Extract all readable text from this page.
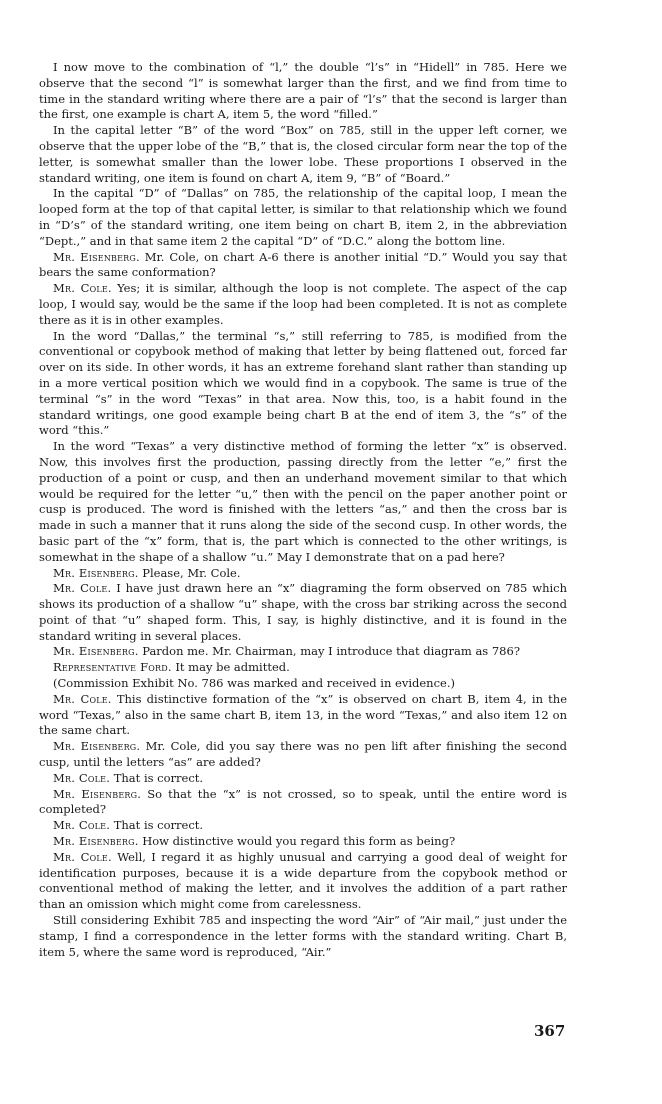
I now move to the combination of “l,” the double “l’s” in “Hidell” in 785. Here we observe that the second “l” is somewhat larger than the first, and we find from time to time in the standard writing where there are a pair of “l’s” that the second is larger than the first, one example is chart A, item 5, the word “filled.”

In the capital letter “B” of the word “Box” on 785, still in the upper left corner, we observe that the upper lobe of the “B,” that is, the closed circular form near the top of the letter, is somewhat smaller than the lower lobe. These proportions I observed in the standard writing, one item is found on chart A, item 9, “B” of “Board.”

In the capital “D” of “Dallas” on 785, the relationship of the capital loop, I mean the looped form at the top of that capital letter, is similar to that relationship which we found in “D’s” of the standard writing, one item being on chart B, item 2, in the abbreviation “Dept.,” and in that same item 2 the capital “D” of “D.C.” along the bottom line.

Mr. Eisenberg. Mr. Cole, on chart A-6 there is another initial “D.” Would you say that bears the same conformation?

Mr. Cole. Yes; it is similar, although the loop is not complete. The aspect of the cap loop, I would say, would be the same if the loop had been completed. It is not as complete there as it is in other examples.

In the word “Dallas,” the terminal “s,” still referring to 785, is modified from the conventional or copybook method of making that letter by being flattened out, forced far over on its side. In other words, it has an extreme forehand slant rather than standing up in a more vertical position which we would find in a copybook. The same is true of the terminal “s” in the word “Texas” in that area. Now this, too, is a habit found in the standard writings, one good example being chart B at the end of item 3, the “s” of the word “this.”

In the word “Texas” a very distinctive method of forming the letter “x” is observed. Now, this involves first the production, passing directly from the letter “e,” first the production of a point or cusp, and then an underhand movement similar to that which would be required for the letter “u,” then with the pencil on the paper another point or cusp is produced. The word is finished with the letters “as,” and then the cross bar is made in such a manner that it runs along the side of the second cusp. In other words, the basic part of the “x” form, that is, the part which is connected to the other writings, is somewhat in the shape of a shallow “u.” May I demonstrate that on a pad here?

Mr. Eisenberg. Please, Mr. Cole.

Mr. Cole. I have just drawn here an “x” diagraming the form observed on 785 which shows its production of a shallow “u” shape, with the cross bar striking across the second point of that “u” shaped form. This, I say, is highly distinctive, and it is found in the standard writing in several places.

Mr. Eisenberg. Pardon me. Mr. Chairman, may I introduce that diagram as 786?

Representative Ford. It may be admitted.

(Commission Exhibit No. 786 was marked and received in evidence.)

Mr. Cole. This distinctive formation of the “x” is observed on chart B, item 4, in the word “Texas,” also in the same chart B, item 13, in the word “Texas,” and also item 12 on the same chart.

Mr. Eisenberg. Mr. Cole, did you say there was no pen lift after finishing the second cusp, until the letters “as” are added?

Mr. Cole. That is correct.

Mr. Eisenberg. So that the “x” is not crossed, so to speak, until the entire word is completed?

Mr. Cole. That is correct.

Mr. Eisenberg. How distinctive would you regard this form as being?

Mr. Cole. Well, I regard it as highly unusual and carrying a good deal of weight for identification purposes, because it is a wide departure from the copybook method or conventional method of making the letter, and it involves the addition of a part rather than an omission which might come from carelessness.

Still considering Exhibit 785 and inspecting the word “Air” of “Air mail,” just under the stamp, I find a correspondence in the letter forms with the standard writing. Chart B, item 5, where the same word is reproduced, “Air.”

367
